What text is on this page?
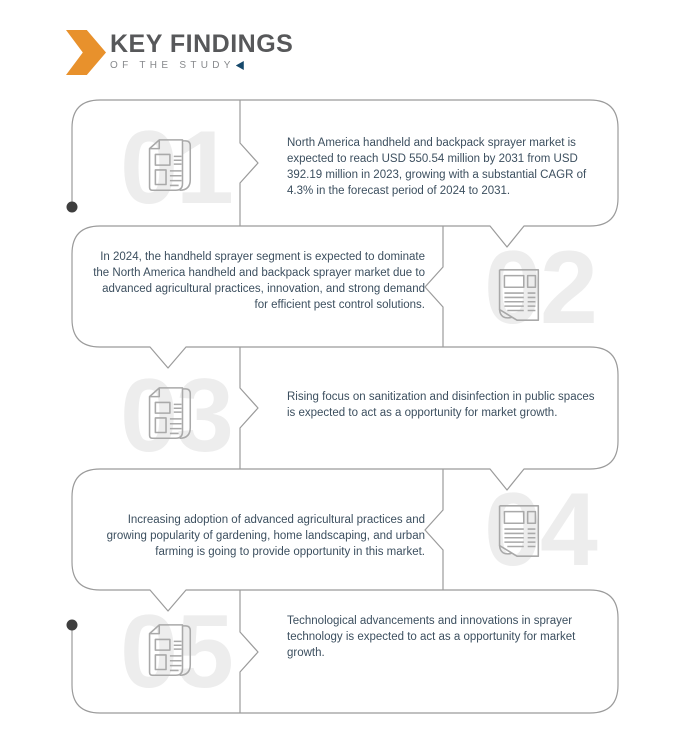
KEY FINDINGS
OF THE STUDY
01	North America handheld and backpack sprayer market is expected to reach USD 550.54 million by 2031 from USD 392.19 million in 2023, growing with a substantial CAGR of 4.3% in the forecast period of 2024 to 2031.

02

In 2024, the handheld sprayer segment is expected to dominate the North America handheld and backpack sprayer market due to advanced agricultural practices, innovation, and strong demand for efficient pest control solutions.

03	Rising focus on sanitization and disinfection in public spaces is expected to act as a opportunity for market growth.

04

Increasing adoption of advanced agricultural practices and growing popularity of gardening, home landscaping, and urban farming is going to provide opportunity in this market.

05	Technological advancements and innovations in sprayer technology is expected to act as a opportunity for market growth.
